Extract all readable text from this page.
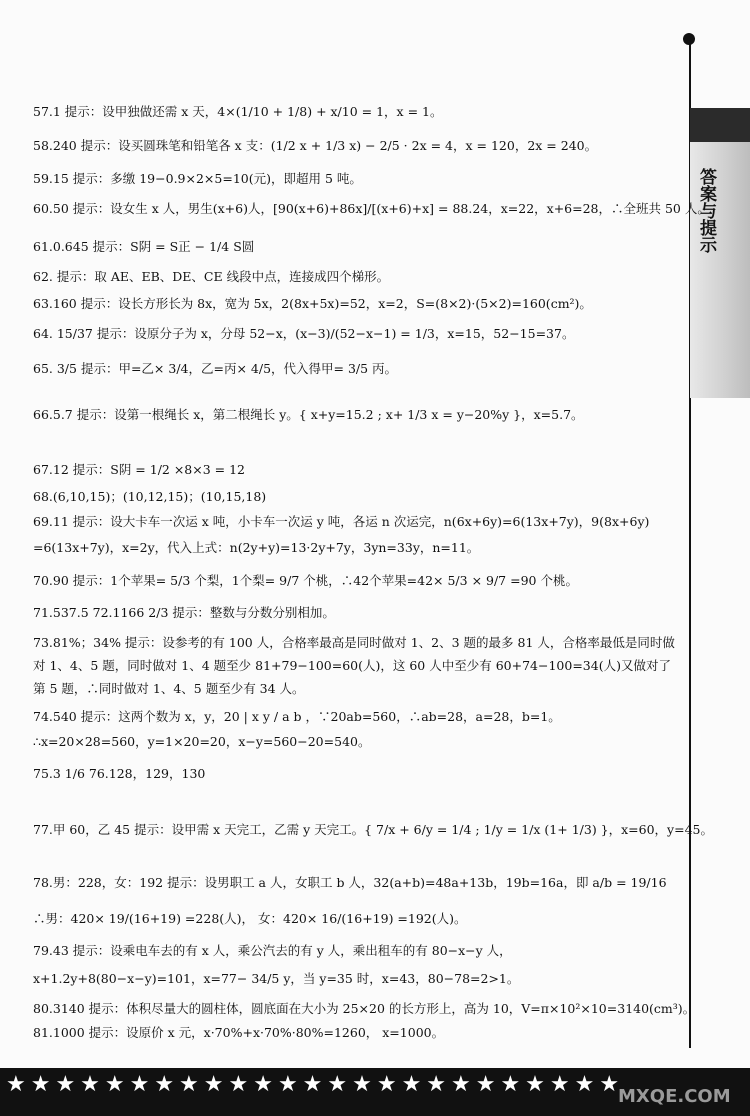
答案与提示
57.1 提示：设甲独做还需 x 天，4×(1/10 + 1/8) + x/10 = 1，x = 1。
58.240 提示：设买圆珠笔和铅笔各 x 支：(1/2 x + 1/3 x) − 2/5 · 2x = 4，x = 120，2x = 240。
59.15 提示：多缴 19−0.9×2×5=10(元)，即超用 5 吨。
60.50 提示：设女生 x 人，男生(x+6)人，[90(x+6)+86x]/[(x+6)+x] = 88.24，x=22，x+6=28，∴全班共 50 人。
61.0.645 提示：S阴 = S正 − 1/4 S圆
62. 提示：取 AE、EB、DE、CE 线段中点，连接成四个梯形。
63.160 提示：设长方形长为 8x，宽为 5x，2(8x+5x)=52，x=2，S=(8×2)·(5×2)=160(cm²)。
64. 15/37 提示：设原分子为 x，分母 52−x，(x−3)/(52−x−1) = 1/3，x=15，52−15=37。
65. 3/5 提示：甲=乙× 3/4，乙=丙× 4/5，代入得甲= 3/5 丙。
66.5.7 提示：设第一根绳长 x，第二根绳长 y。{ x+y=15.2 ; x+ 1/3 x = y−20%y }，x=5.7。
67.12 提示：S阴 = 1/2 ×8×3 = 12
68.(6,10,15)；(10,12,15)；(10,15,18)
69.11 提示：设大卡车一次运 x 吨，小卡车一次运 y 吨，各运 n 次运完，n(6x+6y)=6(13x+7y)，9(8x+6y)
=6(13x+7y)，x=2y，代入上式：n(2y+y)=13·2y+7y，3yn=33y，n=11。
70.90 提示：1个苹果= 5/3 个梨，1个梨= 9/7 个桃，∴42个苹果=42× 5/3 × 9/7 =90 个桃。
71.537.5 72.1166 2/3 提示：整数与分数分别相加。
73.81%；34% 提示：设参考的有 100 人，合格率最高是同时做对 1、2、3 题的最多 81 人，合格率最低是同时做
对 1、4、5 题，同时做对 1、4 题至少 81+79−100=60(人)，这 60 人中至少有 60+74−100=34(人)又做对了
第 5 题，∴同时做对 1、4、5 题至少有 34 人。
74.540 提示：这两个数为 x，y，20 | x y / a b ，∵20ab=560，∴ab=28，a=28，b=1。
∴x=20×28=560，y=1×20=20，x−y=560−20=540。
75.3 1/6 76.128，129，130
77.甲 60，乙 45 提示：设甲需 x 天完工，乙需 y 天完工。{ 7/x + 6/y = 1/4 ; 1/y = 1/x (1+ 1/3) }，x=60，y=45。
78.男：228，女：192 提示：设男职工 a 人，女职工 b 人，32(a+b)=48a+13b，19b=16a，即 a/b = 19/16
∴男：420× 19/(16+19) =228(人)， 女：420× 16/(16+19) =192(人)。
79.43 提示：设乘电车去的有 x 人，乘公汽去的有 y 人，乘出租车的有 80−x−y 人，
x+1.2y+8(80−x−y)=101，x=77− 34/5 y，当 y=35 时，x=43，80−78=2>1。
80.3140 提示：体积尽量大的圆柱体，圆底面在大小为 25×20 的长方形上，高为 10，V=π×10²×10=3140(cm³)。
81.1000 提示：设原价 x 元，x·70%+x·70%·80%=1260， x=1000。
★★★★★★★★★★★★★★★★★★★★★★★★★
MXQE.COM
